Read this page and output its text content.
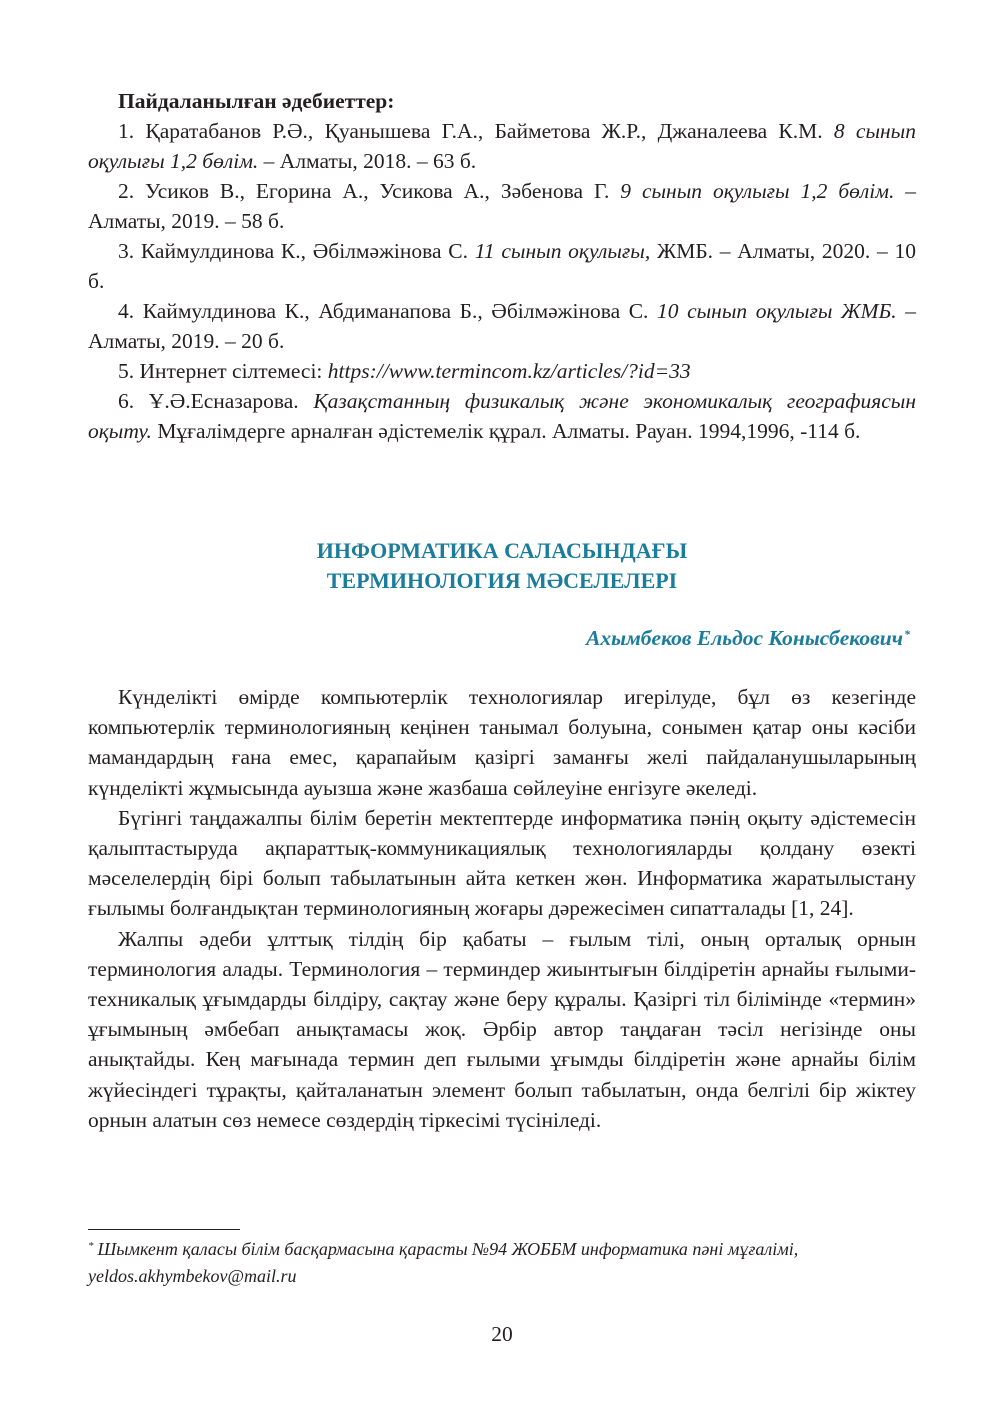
Пайдаланылған әдебиеттер:

1. Қаратабанов Р.Ә., Қуанышева Г.А., Байметова Ж.Р., Джаналеева К.М. 8 сынып оқулығы 1,2 бөлім. – Алматы, 2018. – 63 б.

2. Усиков В., Егорина А., Усикова А., Зәбенова Г. 9 сынып оқулығы 1,2 бөлім. – Алматы, 2019. – 58 б.

3. Каймулдинова К., Әбілмәжінова С. 11 сынып оқулығы, ЖМБ. – Алматы, 2020. – 10 б.

4. Каймулдинова К., Абдиманапова Б., Әбілмәжінова С. 10 сынып оқулығы ЖМБ. – Алматы, 2019. – 20 б.

5. Интернет сілтемесі: https://www.termincom.kz/articles/?id=33

6. Ұ.Ә.Есназарова. Қазақстанның физикалық және экономикалық географиясын оқыту. Мұғалімдерге арналған әдістемелік құрал. Алматы. Рауан. 1994,1996, -114 б.

ИНФОРМАТИКА САЛАСЫНДАҒЫ
ТЕРМИНОЛОГИЯ МӘСЕЛЕЛЕРІ
Ахымбеков Ельдос Конысбекович*

Күнделікті өмірде компьютерлік технологиялар игерілуде, бұл өз кезегінде компьютерлік терминологияның кеңінен танымал болуына, сонымен қатар оны кәсіби мамандардың ғана емес, қарапайым қазіргі заманғы желі пайдаланушыларының күнделікті жұмысында ауызша және жазбаша сөйлеуіне енгізуге әкеледі.

Бүгінгі таңдажалпы білім беретін мектептерде информатика пәнің оқыту әдістемесін қалыптастыруда ақпараттық-коммуникациялық технологияларды қолдану өзекті мәселелердің бірі болып табылатынын айта кеткен жөн. Информатика жаратылыстану ғылымы болғандықтан терминологияның жоғары дәрежесімен сипатталады [1, 24].

Жалпы әдеби ұлттық тілдің бір қабаты – ғылым тілі, оның орталық орнын терминология алады. Терминология – терминдер жиынтығын білдіретін арнайы ғылыми-техникалық ұғымдарды білдіру, сақтау және беру құралы. Қазіргі тіл білімінде «термин» ұғымының әмбебап анықтамасы жоқ. Әрбір автор таңдаған тәсіл негізінде оны анықтайды. Кең мағынада термин деп ғылыми ұғымды білдіретін және арнайы білім жүйесіндегі тұрақты, қайталанатын элемент болып табылатын, онда белгілі бір жіктеу орнын алатын сөз немесе сөздердің тіркесімі түсініледі.

* Шымкент қаласы білім басқармасына қарасты №94 ЖОББМ информатика пәні мұғалімі,
yeldos.akhymbekov@mail.ru
20
